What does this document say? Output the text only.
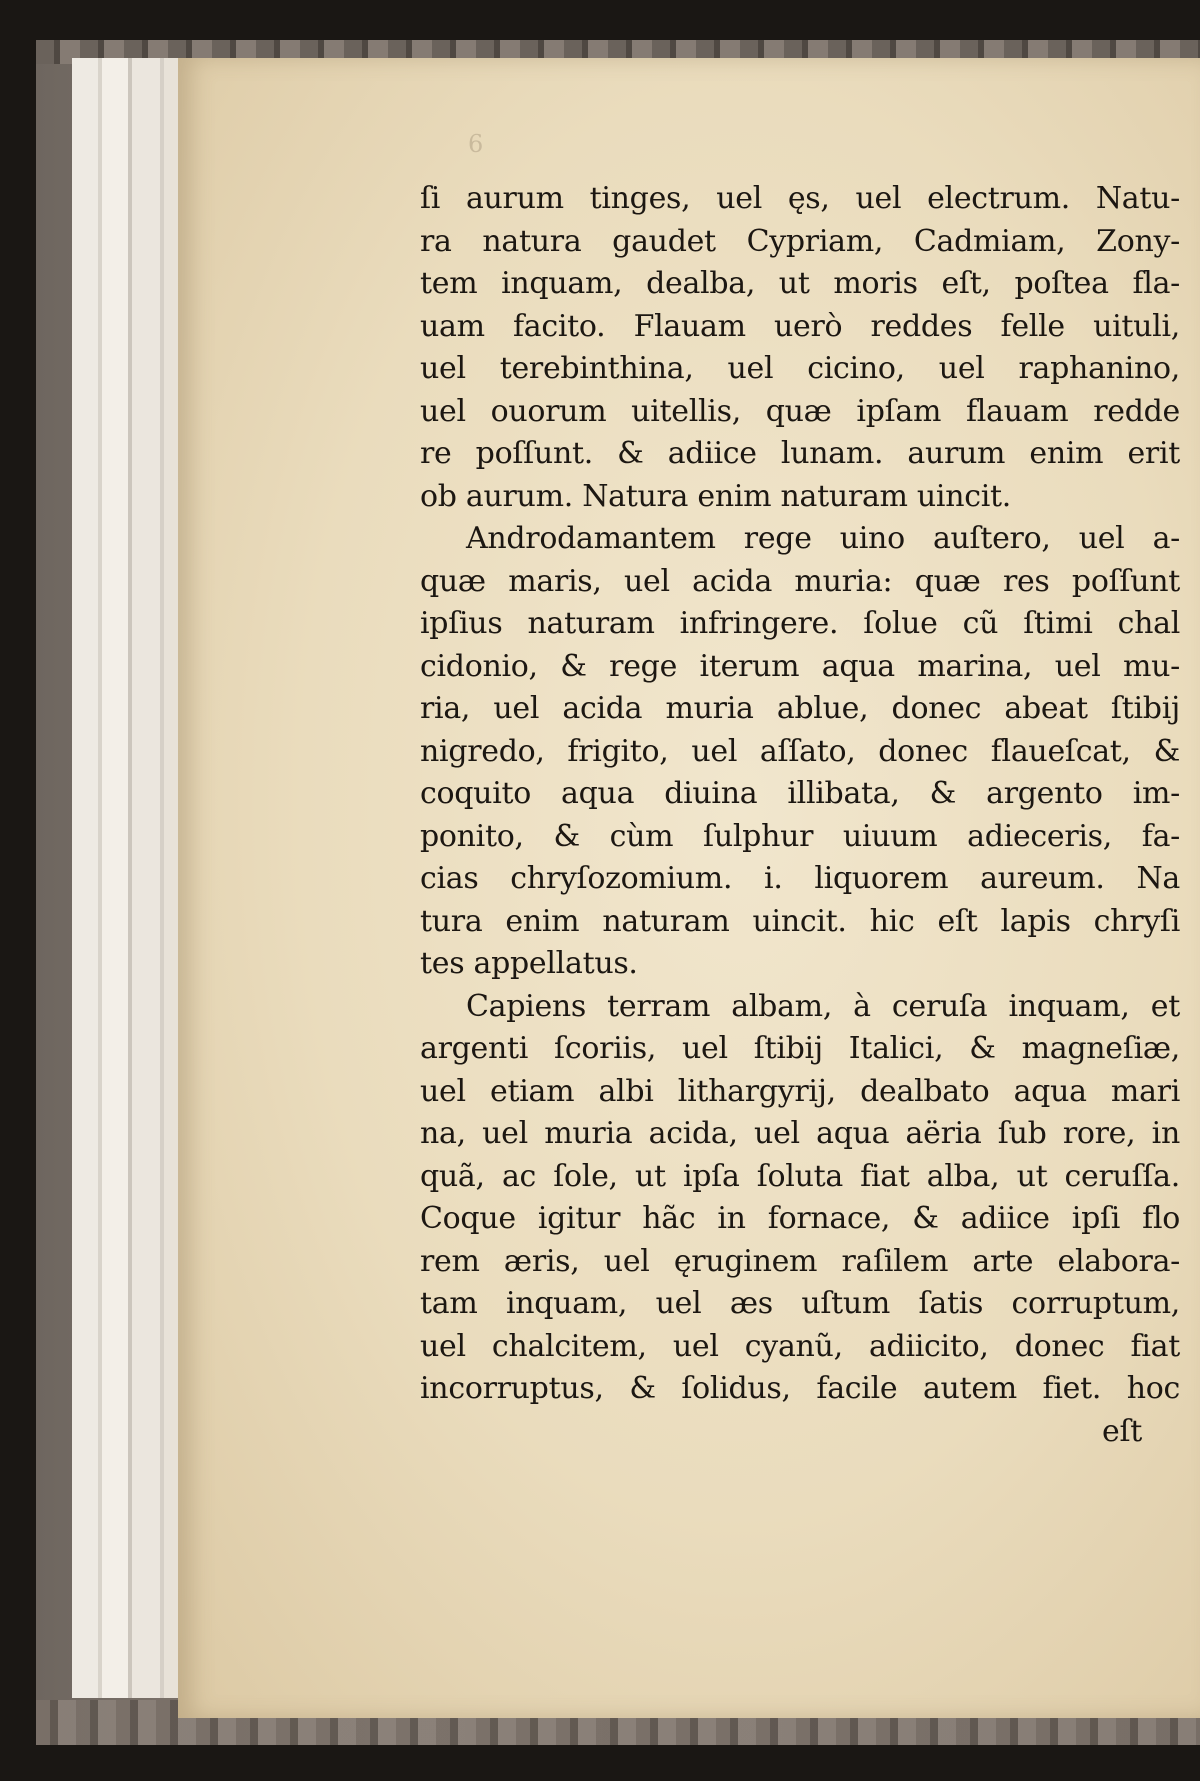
6
ſi aurum tinges, uel ęs, uel electrum. Natu-
ra natura gaudet Cypriam, Cadmiam, Zony-
tem inquam, dealba, ut moris eſt, poſtea fla-
uam facito. Flauam uerò reddes felle uituli,
uel terebinthina, uel cicino, uel raphanino,
uel ouorum uitellis, quæ ipſam flauam redde
re poſſunt. & adiice lunam. aurum enim erit
ob aurum. Natura enim naturam uincit.
Androdamantem rege uino auſtero, uel a-
quæ maris, uel acida muria: quæ res poſſunt
ipſius naturam infringere. ſolue cũ ſtimi chal
cidonio, & rege iterum aqua marina, uel mu-
ria, uel acida muria ablue, donec abeat ſtibij
nigredo, frigito, uel aſſato, donec flaueſcat, &
coquito aqua diuina illibata, & argento im-
ponito, & cùm ſulphur uiuum adieceris, fa-
cias chryſozomium. i. liquorem aureum. Na
tura enim naturam uincit. hic eſt lapis chryſi
tes appellatus.
Capiens terram albam, à ceruſa inquam, et
argenti ſcoriis, uel ſtibij Italici, & magneſiæ,
uel etiam albi lithargyrij, dealbato aqua mari
na, uel muria acida, uel aqua aëria ſub rore, in
quã, ac ſole, ut ipſa ſoluta fiat alba, ut ceruſſa.
Coque igitur hãc in fornace, & adiice ipſi flo
rem æris, uel ęruginem raſilem arte elabora-
tam inquam, uel æs uſtum ſatis corruptum,
uel chalcitem, uel cyanũ, adiicito, donec fiat
incorruptus, & ſolidus, facile autem fiet. hoc
eſt
